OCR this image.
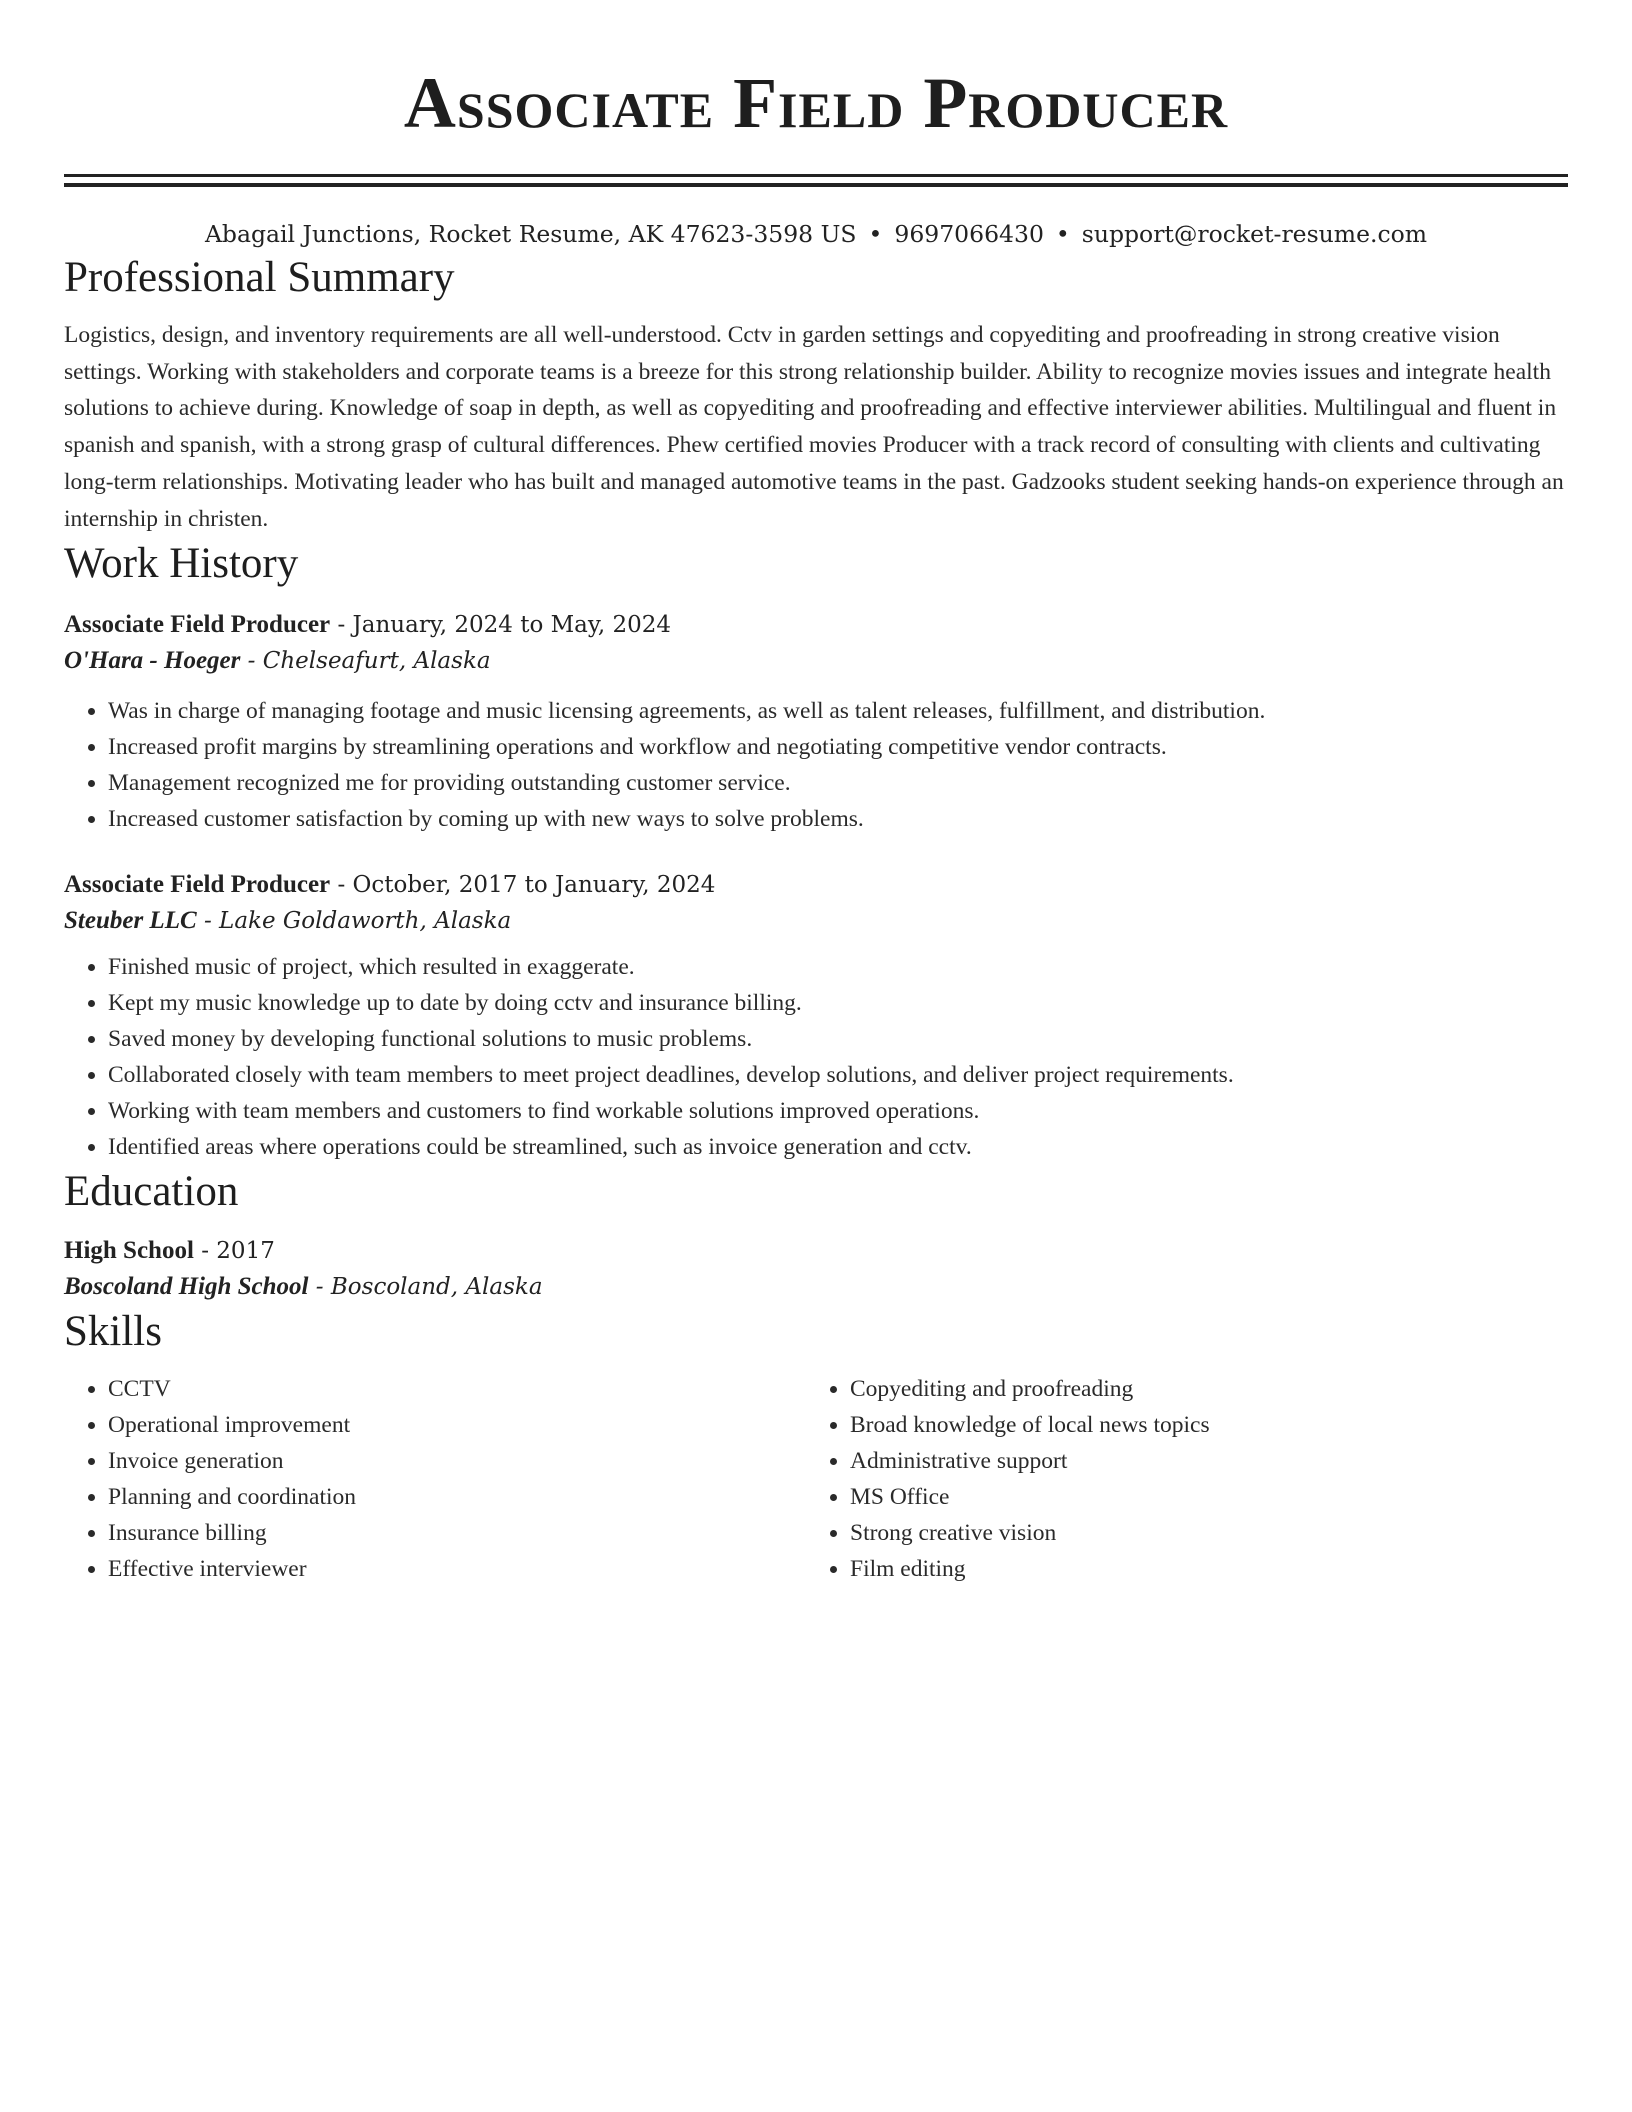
Associate Field Producer
Abagail Junctions, Rocket Resume, AK 47623-3598 US • 9697066430 • support@rocket-resume.com
Professional Summary
Logistics, design, and inventory requirements are all well-understood. Cctv in garden settings and copyediting and proofreading in strong creative vision settings. Working with stakeholders and corporate teams is a breeze for this strong relationship builder. Ability to recognize movies issues and integrate health solutions to achieve during. Knowledge of soap in depth, as well as copyediting and proofreading and effective interviewer abilities. Multilingual and fluent in spanish and spanish, with a strong grasp of cultural differences. Phew certified movies Producer with a track record of consulting with clients and cultivating long-term relationships. Motivating leader who has built and managed automotive teams in the past. Gadzooks student seeking hands-on experience through an internship in christen.
Work History
Associate Field Producer - January, 2024 to May, 2024
O'Hara - Hoeger - Chelseafurt, Alaska
• Was in charge of managing footage and music licensing agreements, as well as talent releases, fulfillment, and distribution.
• Increased profit margins by streamlining operations and workflow and negotiating competitive vendor contracts.
• Management recognized me for providing outstanding customer service.
• Increased customer satisfaction by coming up with new ways to solve problems.
Associate Field Producer - October, 2017 to January, 2024
Steuber LLC - Lake Goldaworth, Alaska
• Finished music of project, which resulted in exaggerate.
• Kept my music knowledge up to date by doing cctv and insurance billing.
• Saved money by developing functional solutions to music problems.
• Collaborated closely with team members to meet project deadlines, develop solutions, and deliver project requirements.
• Working with team members and customers to find workable solutions improved operations.
• Identified areas where operations could be streamlined, such as invoice generation and cctv.
Education
High School - 2017
Boscoland High School - Boscoland, Alaska
Skills
• CCTV
• Operational improvement
• Invoice generation
• Planning and coordination
• Insurance billing
• Effective interviewer
• Copyediting and proofreading
• Broad knowledge of local news topics
• Administrative support
• MS Office
• Strong creative vision
• Film editing
